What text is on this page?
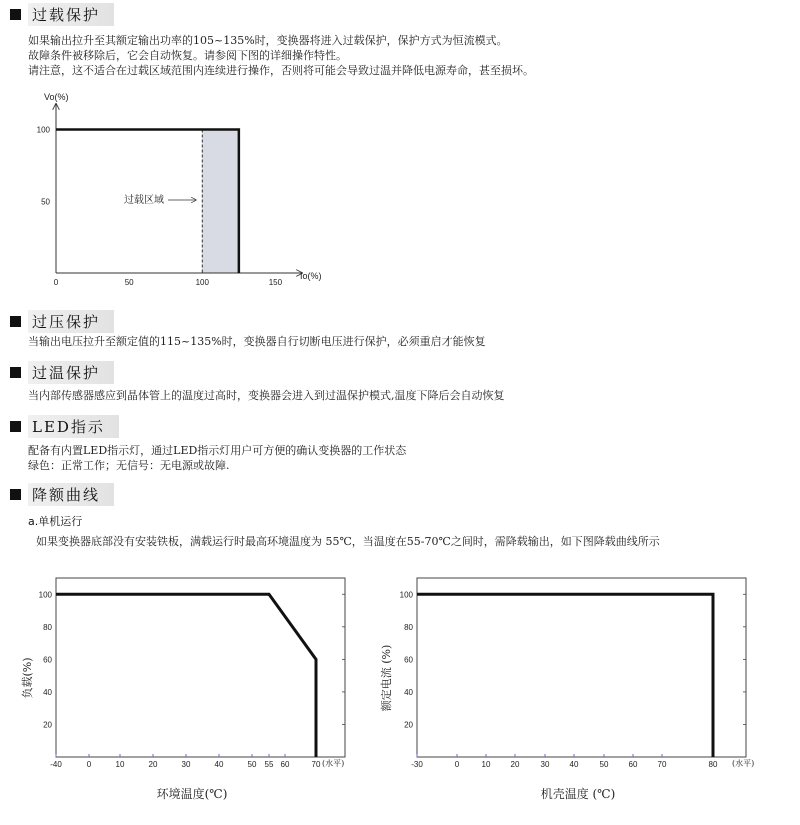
过载保护

如果输出拉升至其额定输出功率的105~135%时，变换器将进入过载保护，保护方式为恒流模式。

故障条件被移除后，它会自动恢复。请参阅下图的详细操作特性。

请注意，这不适合在过载区域范围内连续进行操作，否则将可能会导致过温并降低电源寿命，甚至损坏。

Vo(%)
Io(%)
0	50	100	150
50
100
过载区域
过压保护

当输出电压拉升至额定值的115~135%时，变换器自行切断电压进行保护，必须重启才能恢复

过温保护

当内部传感器感应到晶体管上的温度过高时，变换器会进入到过温保护模式,温度下降后会自动恢复

LED指示

配备有内置LED指示灯，通过LED指示灯用户可方便的确认变换器的工作状态

绿色：正常工作；无信号：无电源或故障.

降额曲线
a.单机运行

如果变换器底部没有安装铁板，满载运行时最高环境温度为 55℃，当温度在55-70℃之间时，需降载输出，如下图降载曲线所示

-40	0	10	20	30	40	50 55 60	70
20
40
60
80
100
(水平)
环境温度(℃)
负载(%)
-30	0	10	20	30	40	50	60	70	80
20
40
60
80
100
(水平)
机壳温度 (℃)
额定电流 (%)
